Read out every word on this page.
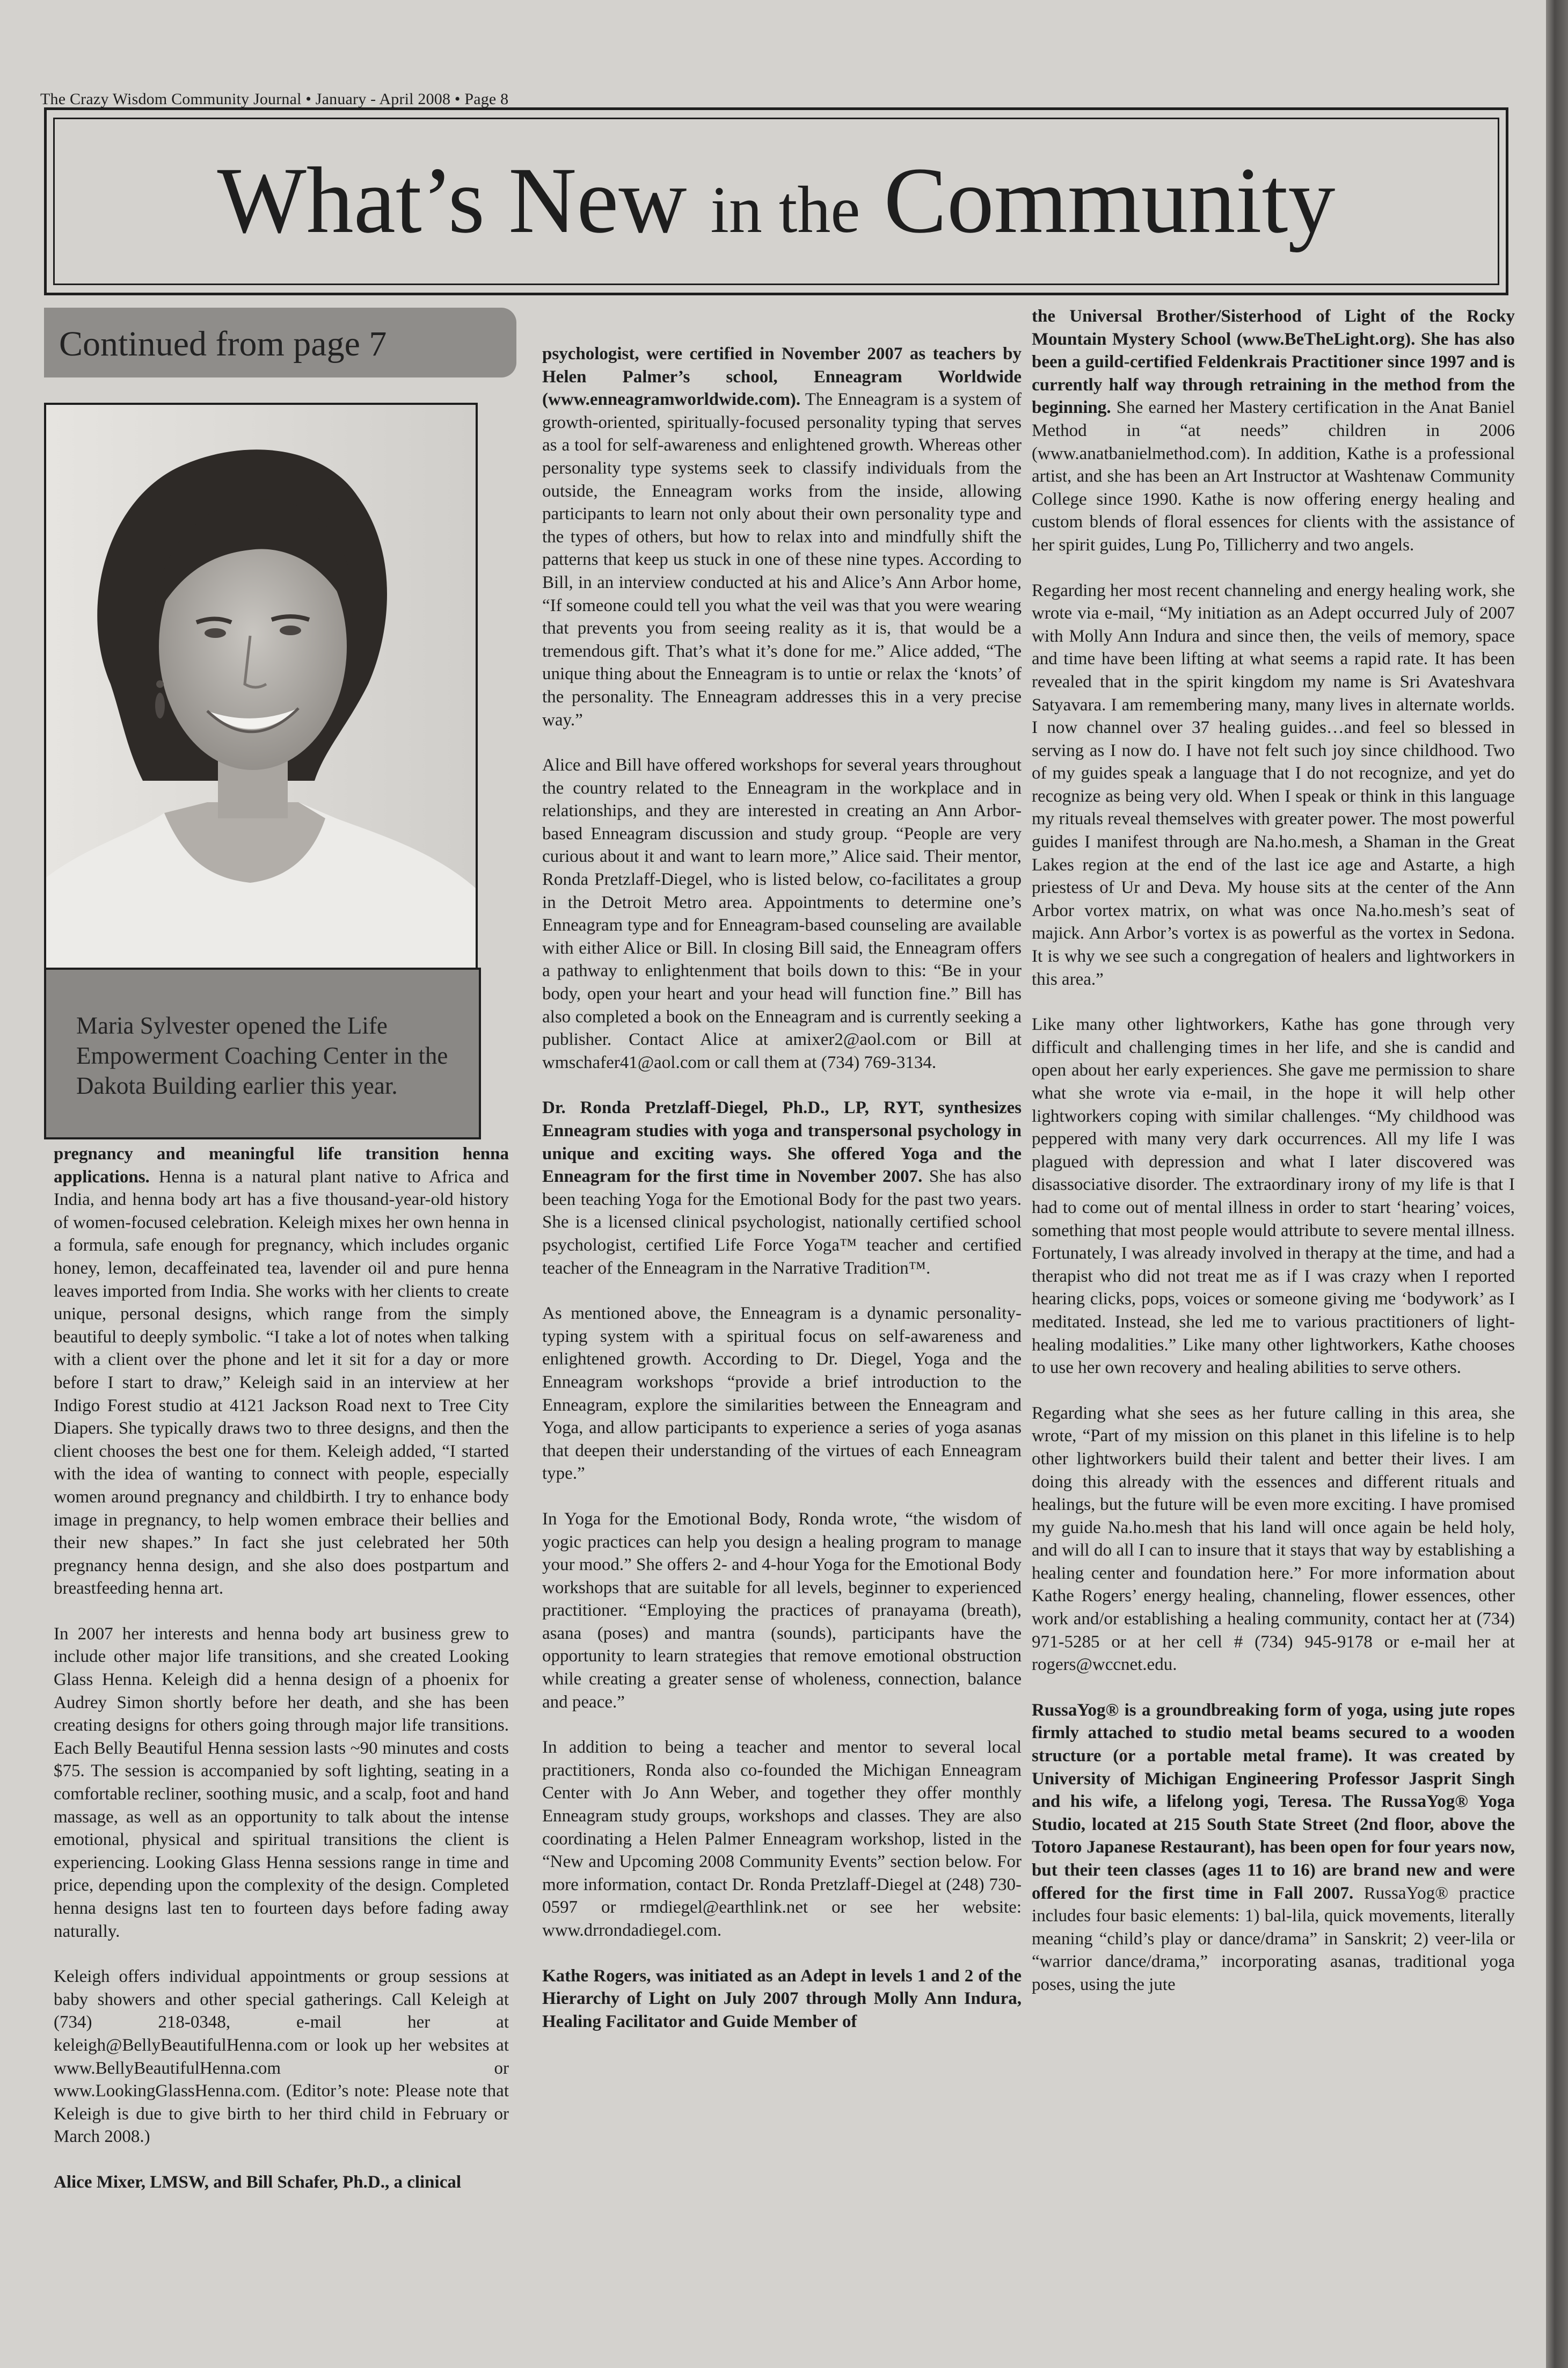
The Crazy Wisdom Community Journal • January - April 2008 • Page 8
What’s New in the Community
Continued from page 7
Maria Sylvester opened the Life Empowerment Coaching Center in the Dakota Building earlier this year.

pregnancy and meaningful life transition henna applications. Henna is a natural plant native to Africa and India, and henna body art has a five thousand-year-old history of women-focused celebration. Keleigh mixes her own henna in a formula, safe enough for pregnancy, which includes organic honey, lemon, decaffeinated tea, lavender oil and pure henna leaves imported from India. She works with her clients to create unique, personal designs, which range from the simply beautiful to deeply symbolic. “I take a lot of notes when talking with a client over the phone and let it sit for a day or more before I start to draw,” Keleigh said in an interview at her Indigo Forest studio at 4121 Jackson Road next to Tree City Diapers. She typically draws two to three designs, and then the client chooses the best one for them. Keleigh added, “I started with the idea of wanting to connect with people, especially women around pregnancy and childbirth. I try to enhance body image in pregnancy, to help women embrace their bellies and their new shapes.” In fact she just celebrated her 50th pregnancy henna design, and she also does postpartum and breastfeeding henna art.

In 2007 her interests and henna body art business grew to include other major life transitions, and she created Looking Glass Henna. Keleigh did a henna design of a phoenix for Audrey Simon shortly before her death, and she has been creating designs for others going through major life transitions. Each Belly Beautiful Henna session lasts ~90 minutes and costs $75. The session is accompanied by soft lighting, seating in a comfortable recliner, soothing music, and a scalp, foot and hand massage, as well as an opportunity to talk about the intense emotional, physical and spiritual transitions the client is experiencing. Looking Glass Henna sessions range in time and price, depending upon the complexity of the design. Completed henna designs last ten to fourteen days before fading away naturally.

Keleigh offers individual appointments or group sessions at baby showers and other special gatherings. Call Keleigh at (734) 218-0348, e-mail her at keleigh@BellyBeautifulHenna.com or look up her websites at www.BellyBeautifulHenna.com or www.LookingGlassHenna.com. (Editor’s note: Please note that Keleigh is due to give birth to her third child in February or March 2008.)

Alice Mixer, LMSW, and Bill Schafer, Ph.D., a clinical

psychologist, were certified in November 2007 as teachers by Helen Palmer’s school, Enneagram Worldwide (www.enneagramworldwide.com). The Enneagram is a system of growth-oriented, spiritually-focused personality typing that serves as a tool for self-awareness and enlightened growth. Whereas other personality type systems seek to classify individuals from the outside, the Enneagram works from the inside, allowing participants to learn not only about their own personality type and the types of others, but how to relax into and mindfully shift the patterns that keep us stuck in one of these nine types. According to Bill, in an interview conducted at his and Alice’s Ann Arbor home, “If someone could tell you what the veil was that you were wearing that prevents you from seeing reality as it is, that would be a tremendous gift. That’s what it’s done for me.” Alice added, “The unique thing about the Enneagram is to untie or relax the ‘knots’ of the personality. The Enneagram addresses this in a very precise way.”

Alice and Bill have offered workshops for several years throughout the country related to the Enneagram in the workplace and in relationships, and they are interested in creating an Ann Arbor-based Enneagram discussion and study group. “People are very curious about it and want to learn more,” Alice said. Their mentor, Ronda Pretzlaff-Diegel, who is listed below, co-facilitates a group in the Detroit Metro area. Appointments to determine one’s Enneagram type and for Enneagram-based counseling are available with either Alice or Bill. In closing Bill said, the Enneagram offers a pathway to enlightenment that boils down to this: “Be in your body, open your heart and your head will function fine.” Bill has also completed a book on the Enneagram and is currently seeking a publisher. Contact Alice at amixer2@aol.com or Bill at wmschafer41@aol.com or call them at (734) 769-3134.

Dr. Ronda Pretzlaff-Diegel, Ph.D., LP, RYT, synthesizes Enneagram studies with yoga and transpersonal psychology in unique and exciting ways. She offered Yoga and the Enneagram for the first time in November 2007. She has also been teaching Yoga for the Emotional Body for the past two years. She is a licensed clinical psychologist, nationally certified school psychologist, certified Life Force Yoga™ teacher and certified teacher of the Enneagram in the Narrative Tradition™.

As mentioned above, the Enneagram is a dynamic personality-typing system with a spiritual focus on self-awareness and enlightened growth. According to Dr. Diegel, Yoga and the Enneagram workshops “provide a brief introduction to the Enneagram, explore the similarities between the Enneagram and Yoga, and allow participants to experience a series of yoga asanas that deepen their understanding of the virtues of each Enneagram type.”

In Yoga for the Emotional Body, Ronda wrote, “the wisdom of yogic practices can help you design a healing program to manage your mood.” She offers 2- and 4-hour Yoga for the Emotional Body workshops that are suitable for all levels, beginner to experienced practitioner. “Employing the practices of pranayama (breath), asana (poses) and mantra (sounds), participants have the opportunity to learn strategies that remove emotional obstruction while creating a greater sense of wholeness, connection, balance and peace.”

In addition to being a teacher and mentor to several local practitioners, Ronda also co-founded the Michigan Enneagram Center with Jo Ann Weber, and together they offer monthly Enneagram study groups, workshops and classes. They are also coordinating a Helen Palmer Enneagram workshop, listed in the “New and Upcoming 2008 Community Events” section below. For more information, contact Dr. Ronda Pretzlaff-Diegel at (248) 730-0597 or rmdiegel@earthlink.net or see her website: www.drrondadiegel.com.

Kathe Rogers, was initiated as an Adept in levels 1 and 2 of the Hierarchy of Light on July 2007 through Molly Ann Indura, Healing Facilitator and Guide Member of

the Universal Brother/Sisterhood of Light of the Rocky Mountain Mystery School (www.BeTheLight.org). She has also been a guild-certified Feldenkrais Practitioner since 1997 and is currently half way through retraining in the method from the beginning. She earned her Mastery certification in the Anat Baniel Method in “at needs” children in 2006 (www.anatbanielmethod.com). In addition, Kathe is a professional artist, and she has been an Art Instructor at Washtenaw Community College since 1990. Kathe is now offering energy healing and custom blends of floral essences for clients with the assistance of her spirit guides, Lung Po, Tillicherry and two angels.

Regarding her most recent channeling and energy healing work, she wrote via e-mail, “My initiation as an Adept occurred July of 2007 with Molly Ann Indura and since then, the veils of memory, space and time have been lifting at what seems a rapid rate. It has been revealed that in the spirit kingdom my name is Sri Avateshvara Satyavara. I am remembering many, many lives in alternate worlds. I now channel over 37 healing guides…and feel so blessed in serving as I now do. I have not felt such joy since childhood. Two of my guides speak a language that I do not recognize, and yet do recognize as being very old. When I speak or think in this language my rituals reveal themselves with greater power. The most powerful guides I manifest through are Na.ho.mesh, a Shaman in the Great Lakes region at the end of the last ice age and Astarte, a high priestess of Ur and Deva. My house sits at the center of the Ann Arbor vortex matrix, on what was once Na.ho.mesh’s seat of majick. Ann Arbor’s vortex is as powerful as the vortex in Sedona. It is why we see such a congregation of healers and lightworkers in this area.”

Like many other lightworkers, Kathe has gone through very difficult and challenging times in her life, and she is candid and open about her early experiences. She gave me permission to share what she wrote via e-mail, in the hope it will help other lightworkers coping with similar challenges. “My childhood was peppered with many very dark occurrences. All my life I was plagued with depression and what I later discovered was disassociative disorder. The extraordinary irony of my life is that I had to come out of mental illness in order to start ‘hearing’ voices, something that most people would attribute to severe mental illness. Fortunately, I was already involved in therapy at the time, and had a therapist who did not treat me as if I was crazy when I reported hearing clicks, pops, voices or someone giving me ‘bodywork’ as I meditated. Instead, she led me to various practitioners of light-healing modalities.” Like many other lightworkers, Kathe chooses to use her own recovery and healing abilities to serve others.

Regarding what she sees as her future calling in this area, she wrote, “Part of my mission on this planet in this lifeline is to help other lightworkers build their talent and better their lives. I am doing this already with the essences and different rituals and healings, but the future will be even more exciting. I have promised my guide Na.ho.mesh that his land will once again be held holy, and will do all I can to insure that it stays that way by establishing a healing center and foundation here.” For more information about Kathe Rogers’ energy healing, channeling, flower essences, other work and/or establishing a healing community, contact her at (734) 971-5285 or at her cell # (734) 945-9178 or e-mail her at rogers@wccnet.edu.

RussaYog® is a groundbreaking form of yoga, using jute ropes firmly attached to studio metal beams secured to a wooden structure (or a portable metal frame). It was created by University of Michigan Engineering Professor Jasprit Singh and his wife, a lifelong yogi, Teresa. The RussaYog® Yoga Studio, located at 215 South State Street (2nd floor, above the Totoro Japanese Restaurant), has been open for four years now, but their teen classes (ages 11 to 16) are brand new and were offered for the first time in Fall 2007. RussaYog® practice includes four basic elements: 1) bal-lila, quick movements, literally meaning “child’s play or dance/drama” in Sanskrit; 2) veer-lila or “warrior dance/drama,” incorporating asanas, traditional yoga poses, using the jute
